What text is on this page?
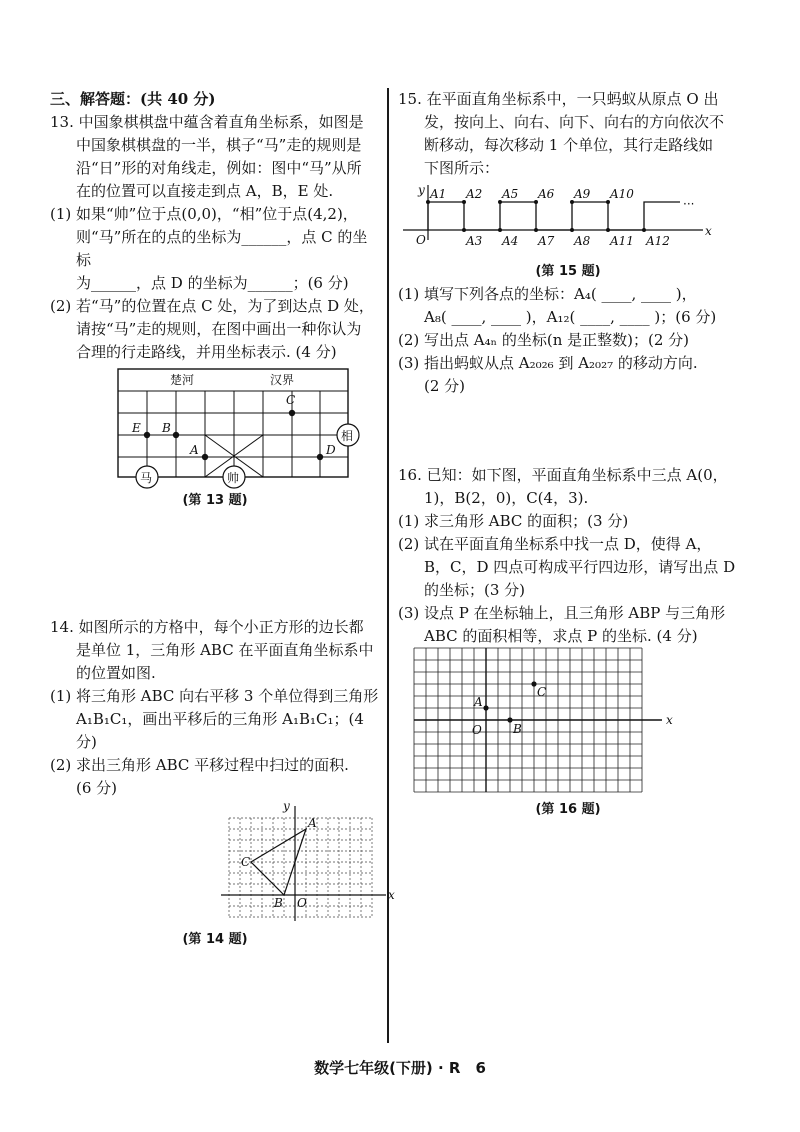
三、解答题：(共 40 分)

13. 中国象棋棋盘中蕴含着直角坐标系，如图是

中国象棋棋盘的一半，棋子“马”走的规则是

沿“日”形的对角线走，例如：图中“马”从所

在的位置可以直接走到点 A，B，E 处.

(1) 如果“帅”位于点(0,0)，“相”位于点(4,2)，

则“马”所在的点的坐标为______，点 C 的坐标

为______，点 D 的坐标为______；(6 分)

(2) 若“马”的位置在点 C 处，为了到达点 D 处，

请按“马”走的规则，在图中画出一种你认为

合理的行走路线，并用坐标表示. (4 分)

楚河	汉界
E B
A
C
D
马	帅
相

(第 13 题)

14. 如图所示的方格中，每个小正方形的边长都

是单位 1，三角形 ABC 在平面直角坐标系中

的位置如图.

(1) 将三角形 ABC 向右平移 3 个单位得到三角形

A₁B₁C₁，画出平移后的三角形 A₁B₁C₁；(4 分)

(2) 求出三角形 ABC 平移过程中扫过的面积.

(6 分)

x
y
A
B
C
O

(第 14 题)

15. 在平面直角坐标系中，一只蚂蚁从原点 O 出

发，按向上、向右、向下、向右的方向依次不

断移动，每次移动 1 个单位，其行走路线如

下图所示：

x
y
O
A1 A2
A3 A4
A5 A6
A7 A8
A9 A10
A11 A12
···

(第 15 题)

(1) 填写下列各点的坐标：A₄( ____, ____ )，

A₈( ____, ____ )，A₁₂( ____, ____ )；(6 分)

(2) 写出点 A₄ₙ 的坐标(n 是正整数)；(2 分)

(3) 指出蚂蚁从点 A₂₀₂₆ 到 A₂₀₂₇ 的移动方向.

(2 分)

16. 已知：如下图，平面直角坐标系中三点 A(0，

1)，B(2，0)，C(4，3).

(1) 求三角形 ABC 的面积；(3 分)

(2) 试在平面直角坐标系中找一点 D，使得 A，

B，C，D 四点可构成平行四边形，请写出点 D

的坐标；(3 分)

(3) 设点 P 在坐标轴上，且三角形 ABP 与三角形

ABC 的面积相等，求点 P 的坐标. (4 分)

x
O
A
B
C

(第 16 题)

数学七年级(下册) · R　6
